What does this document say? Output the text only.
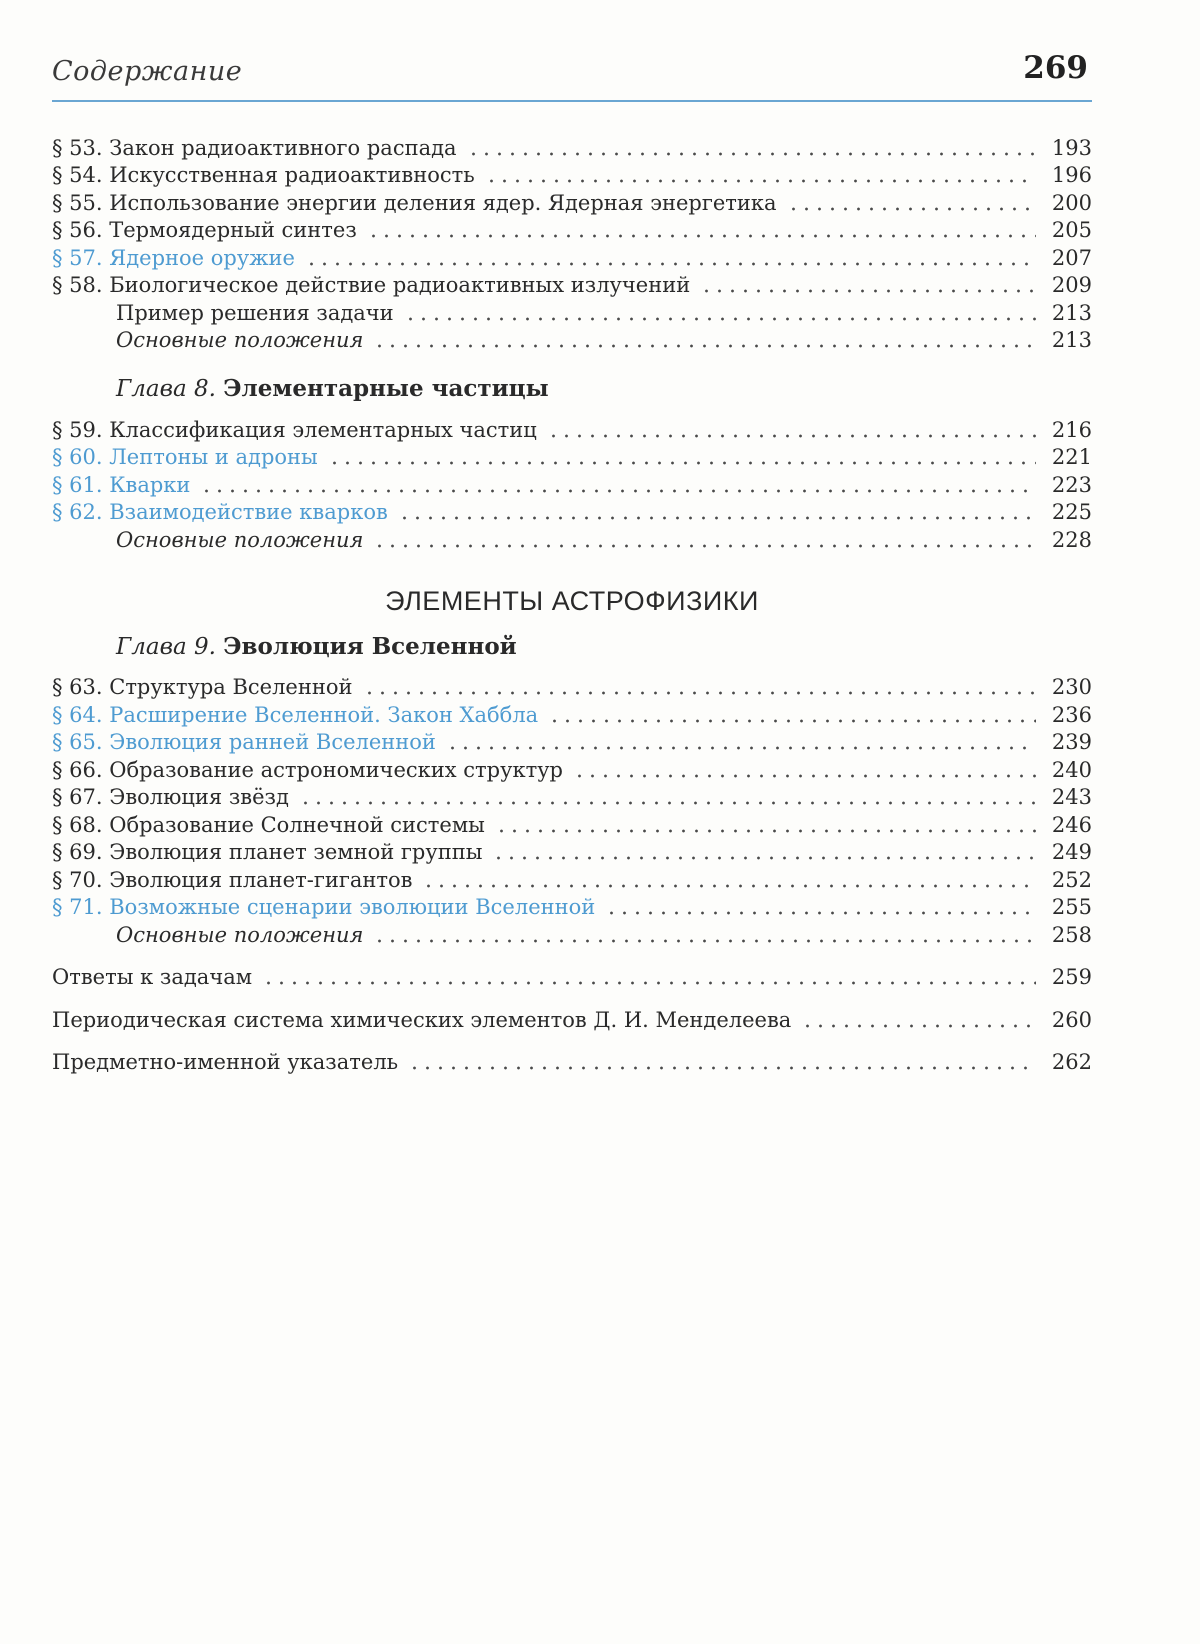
Содержание	269
§ 53. Закон радиоактивного распада	193
§ 54. Искусственная радиоактивность	196
§ 55. Использование энергии деления ядер. Ядерная энергетика	200
§ 56. Термоядерный синтез	205
§ 57. Ядерное оружие	207
§ 58. Биологическое действие радиоактивных излучений	209
Пример решения задачи	213
Основные положения	213
Глава 8. Элементарные частицы
§ 59. Классификация элементарных частиц	216
§ 60. Лептоны и адроны	221
§ 61. Кварки	223
§ 62. Взаимодействие кварков	225
Основные положения	228
ЭЛЕМЕНТЫ АСТРОФИЗИКИ
Глава 9. Эволюция Вселенной
§ 63. Структура Вселенной	230
§ 64. Расширение Вселенной. Закон Хаббла	236
§ 65. Эволюция ранней Вселенной	239
§ 66. Образование астрономических структур	240
§ 67. Эволюция звёзд	243
§ 68. Образование Солнечной системы	246
§ 69. Эволюция планет земной группы	249
§ 70. Эволюция планет-гигантов	252
§ 71. Возможные сценарии эволюции Вселенной	255
Основные положения	258
Ответы к задачам	259
Периодическая система химических элементов Д. И. Менделеева	260
Предметно-именной указатель	262
